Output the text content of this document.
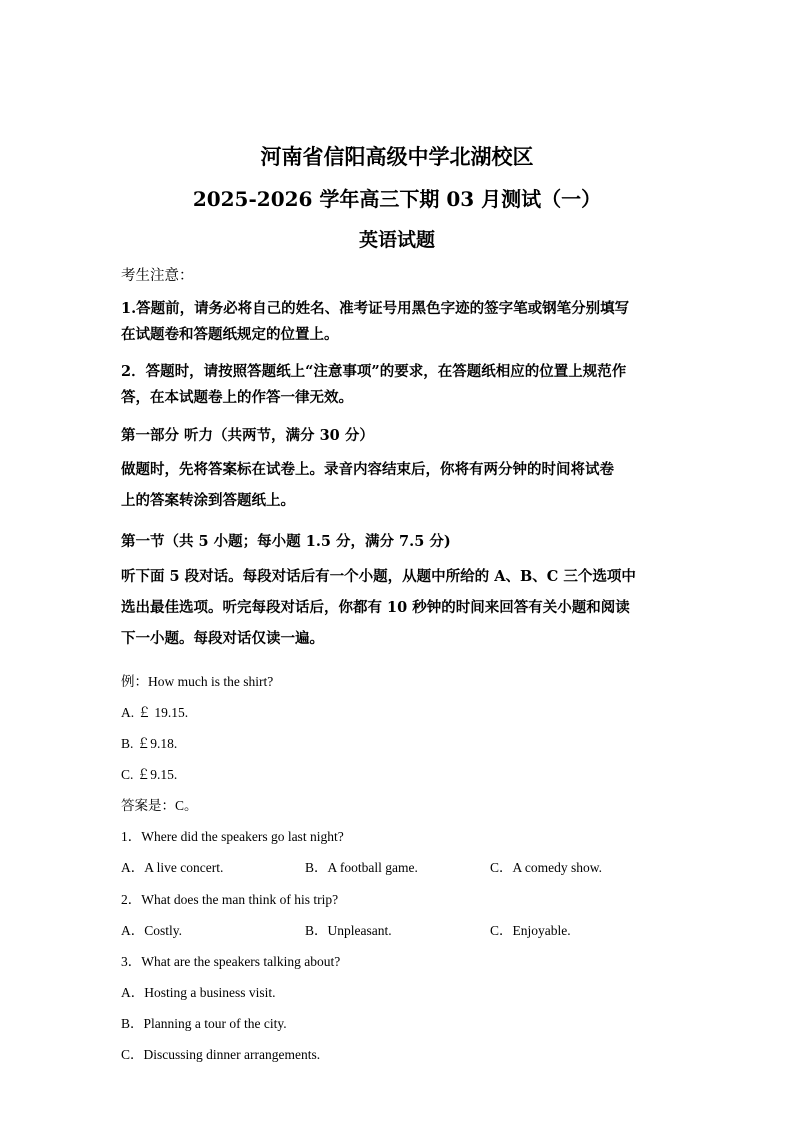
河南省信阳高级中学北湖校区
2025-2026 学年高三下期 03 月测试（一）
英语试题
考生注意：
1.答题前，请务必将自己的姓名、准考证号用黑色字迹的签字笔或钢笔分别填写
在试题卷和答题纸规定的位置上。
2．答题时，请按照答题纸上“注意事项”的要求，在答题纸相应的位置上规范作
答，在本试题卷上的作答一律无效。
第一部分 听力（共两节，满分 30 分）
做题时，先将答案标在试卷上。录音内容结束后，你将有两分钟的时间将试卷
上的答案转涂到答题纸上。
第一节（共 5 小题；每小题 1.5 分，满分 7.5 分)
听下面 5 段对话。每段对话后有一个小题，从题中所给的 A、B、C 三个选项中
选出最佳选项。听完每段对话后，你都有 10 秒钟的时间来回答有关小题和阅读
下一小题。每段对话仅读一遍。
例：How much is the shirt?
A. ￡ 19.15.
B. ￡9.18.
C. ￡9.15.
答案是：C。
1．Where did the speakers go last night?
A．A live concert.	B．A football game.	C．A comedy show.
2．What does the man think of his trip?
A．Costly.	B．Unpleasant.	C．Enjoyable.
3．What are the speakers talking about?
A．Hosting a business visit.
B．Planning a tour of the city.
C．Discussing dinner arrangements.
